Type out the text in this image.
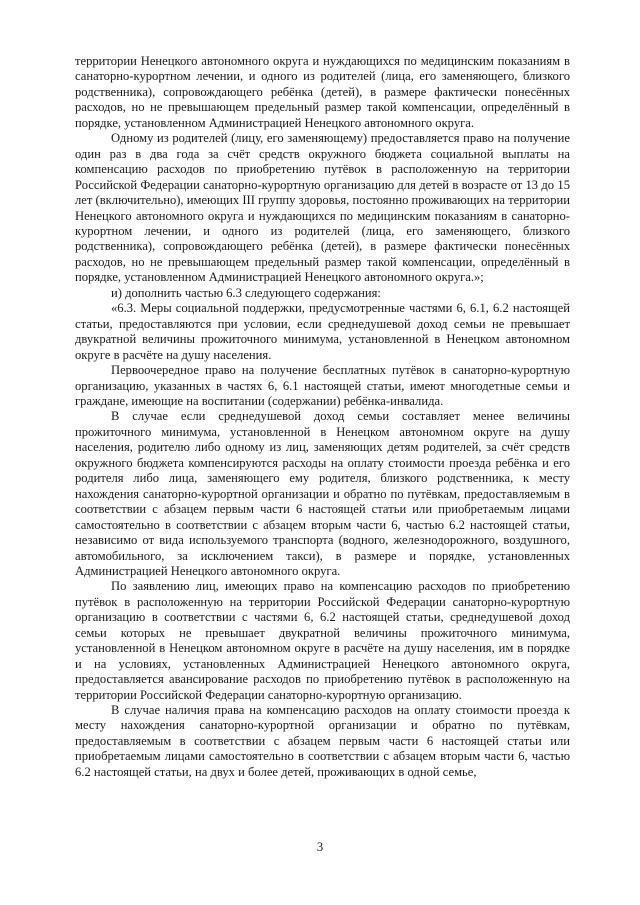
территории Ненецкого автономного округа и нуждающихся по медицинским показаниям в санаторно-курортном лечении, и одного из родителей (лица, его заменяющего, близкого родственника), сопровождающего ребёнка (детей), в размере фактически понесённых расходов, но не превышающем предельный размер такой компенсации, определённый в порядке, установленном Администрацией Ненецкого автономного округа.

Одному из родителей (лицу, его заменяющему) предоставляется право на получение один раз в два года за счёт средств окружного бюджета социальной выплаты на компенсацию расходов по приобретению путёвок в расположенную на территории Российской Федерации санаторно-курортную организацию для детей в возрасте от 13 до 15 лет (включительно), имеющих III группу здоровья, постоянно проживающих на территории Ненецкого автономного округа и нуждающихся по медицинским показаниям в санаторно-курортном лечении, и одного из родителей (лица, его заменяющего, близкого родственника), сопровождающего ребёнка (детей), в размере фактически понесённых расходов, но не превышающем предельный размер такой компенсации, определённый в порядке, установленном Администрацией Ненецкого автономного округа.»;

и) дополнить частью 6.3 следующего содержания:

«6.3. Меры социальной поддержки, предусмотренные частями 6, 6.1, 6.2 настоящей статьи, предоставляются при условии, если среднедушевой доход семьи не превышает двукратной величины прожиточного минимума, установленной в Ненецком автономном округе в расчёте на душу населения.

Первоочередное право на получение бесплатных путёвок в санаторно-курортную организацию, указанных в частях 6, 6.1 настоящей статьи, имеют многодетные семьи и граждане, имеющие на воспитании (содержании) ребёнка-инвалида.

В случае если среднедушевой доход семьи составляет менее величины прожиточного минимума, установленной в Ненецком автономном округе на душу населения, родителю либо одному из лиц, заменяющих детям родителей, за счёт средств окружного бюджета компенсируются расходы на оплату стоимости проезда ребёнка и его родителя либо лица, заменяющего ему родителя, близкого родственника, к месту нахождения санаторно-курортной организации и обратно по путёвкам, предоставляемым в соответствии с абзацем первым части 6 настоящей статьи или приобретаемым лицами самостоятельно в соответствии с абзацем вторым части 6, частью 6.2 настоящей статьи, независимо от вида используемого транспорта (водного, железнодорожного, воздушного, автомобильного, за исключением такси), в размере и порядке, установленных Администрацией Ненецкого автономного округа.

По заявлению лиц, имеющих право на компенсацию расходов по приобретению путёвок в расположенную на территории Российской Федерации санаторно-курортную организацию в соответствии с частями 6, 6.2 настоящей статьи, среднедушевой доход семьи которых не превышает двукратной величины прожиточного минимума, установленной в Ненецком автономном округе в расчёте на душу населения, им в порядке и на условиях, установленных Администрацией Ненецкого автономного округа, предоставляется авансирование расходов по приобретению путёвок в расположенную на территории Российской Федерации санаторно-курортную организацию.

В случае наличия права на компенсацию расходов на оплату стоимости проезда к месту нахождения санаторно-курортной организации и обратно по путёвкам, предоставляемым в соответствии с абзацем первым части 6 настоящей статьи или приобретаемым лицами самостоятельно в соответствии с абзацем вторым части 6, частью 6.2 настоящей статьи, на двух и более детей, проживающих в одной семье,

3
